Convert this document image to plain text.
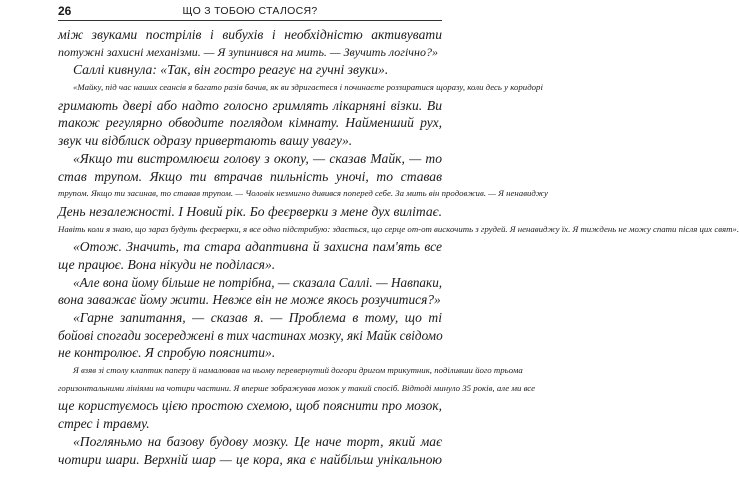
26	ЩО З ТОБОЮ СТАЛОСЯ?
між звуками пострілів і вибухів і необхідністю активувати
потужні захисні механізми. — Я зупинився на мить. — Звучить логічно?»
Саллі кивнула: «Так, він гостро реагує на гучні звуки».
«Майку, під час наших сеансів я багато разів бачив, як ви здригаєтеся і починаєте роззиратися щоразу, коли десь у коридорі
гримають двері або надто голосно гримлять лікарняні візки. Ви
також регулярно обводите поглядом кімнату. Найменший рух,
звук чи відблиск одразу привертають вашу увагу».
«Якщо ти вистромлюєш голову з окопу, — сказав Майк, — то
став трупом. Якщо ти втрачав пильність уночі, то ставав
трупом. Якщо ти засинав, то ставав трупом. — Чоловік незмигно дивився поперед себе. За мить він продовжив. — Я ненавиджу
День незалежності. І Новий рік. Бо феєрверки з мене дух вилітає.
Навіть коли я знаю, що зараз будуть феєрверки, я все одно підстрибую: здається, що серце от-от вискочить з грудей. Я ненавиджу їх. Я тиждень не можу спати після цих свят».
«Отож. Значить, та стара адаптивна й захисна пам'ять все
ще працює. Вона нікуди не поділася».
«Але вона йому більше не потрібна, — сказала Саллі. — Навпаки,
вона заважає йому жити. Невже він не може якось розучитися?»
«Гарне запитання, — сказав я. — Проблема в тому, що ті
бойові спогади зосереджені в тих частинах мозку, які Майк свідомо
не контролює. Я спробую пояснити».
Я взяв зі столу клаптик паперу й намалював на ньому перевернутий догори дригом трикутник, поділивши його трьома
горизонтальними лініями на чотири частини. Я вперше зображував мозок у такий спосіб. Відтоді минуло 35 років, але ми все
ще користуємось цією простою схемою, щоб пояснити про мозок,
стрес і травму.
«Погляньмо на базову будову мозку. Це наче торт, який має
чотири шари. Верхній шар — це кора, яка є найбільш унікальною
